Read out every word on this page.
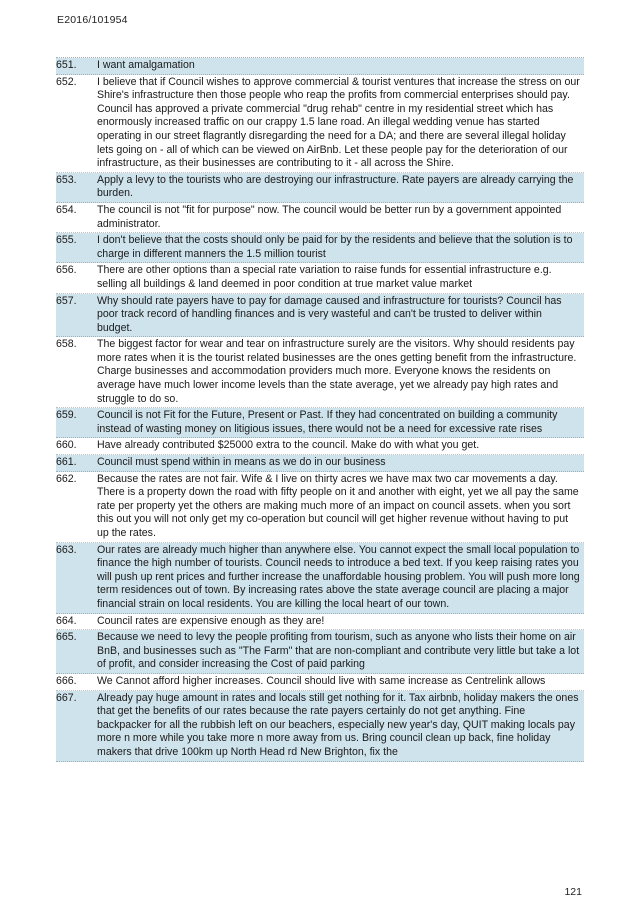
E2016/101954
651.	I want amalgamation
652.	I believe that if Council wishes to approve commercial & tourist ventures that increase the stress on our Shire's infrastructure then those people who reap the profits from commercial enterprises should pay. Council has approved a private commercial "drug rehab" centre in my residential street which has enormously increased traffic on our crappy 1.5 lane road. An illegal wedding venue has started operating in our street flagrantly disregarding the need for a DA; and there are several illegal holiday lets going on - all of which can be viewed on AirBnb. Let these people pay for the deterioration of our infrastructure, as their businesses are contributing to it - all across the Shire.
653.	Apply a levy to the tourists who are destroying our infrastructure. Rate payers are already carrying the burden.
654.	The council is not "fit for purpose" now. The council would be better run by a government appointed administrator.
655.	I don't believe that the costs should only be paid for by the residents and believe that the solution is to charge in different manners the 1.5 million tourist
656.	There are other options than a special rate variation to raise funds for essential infrastructure e.g. selling all buildings & land deemed in poor condition at true market value market
657.	Why should rate payers have to pay for damage caused and infrastructure for tourists? Council has poor track record of handling finances and is very wasteful and can't be trusted to deliver within budget.
658.	The biggest factor for wear and tear on infrastructure surely are the visitors. Why should residents pay more rates when it is the tourist related businesses are the ones getting benefit from the infrastructure. Charge businesses and accommodation providers much more. Everyone knows the residents on average have much lower income levels than the state average, yet we already pay high rates and struggle to do so.
659.	Council is not Fit for the Future, Present or Past. If they had concentrated on building a community instead of wasting money on litigious issues, there would not be a need for excessive rate rises
660.	Have already contributed $25000 extra to the council. Make do with what you get.
661.	Council must spend within in means as we do in our business
662.	Because the rates are not fair. Wife & I live on thirty acres we have max two car movements a day. There is a property down the road with fifty people on it and another with eight, yet we all pay the same rate per property yet the others are making much more of an impact on council assets. when you sort this out you will not only get my co-operation but council will get higher revenue without having to put up the rates.
663.	Our rates are already much higher than anywhere else. You cannot expect the small local population to finance the high number of tourists. Council needs to introduce a bed text. If you keep raising rates you will push up rent prices and further increase the unaffordable housing problem. You will push more long term residences out of town. By increasing rates above the state average council are placing a major financial strain on local residents. You are killing the local heart of our town.
664.	Council rates are expensive enough as they are!
665.	Because we need to levy the people profiting from tourism, such as anyone who lists their home on air BnB, and businesses such as "The Farm" that are non-compliant and contribute very little but take a lot of profit, and consider increasing the Cost of paid parking
666.	We Cannot afford higher increases. Council should live with same increase as Centrelink allows
667.	Already pay huge amount in rates and locals still get nothing for it. Tax airbnb, holiday makers the ones that get the benefits of our rates because the rate payers certainly do not get anything. Fine backpacker for all the rubbish left on our beachers, especially new year's day, QUIT making locals pay more n more while you take more n more away from us. Bring council clean up back, fine holiday makers that drive 100km up North Head rd New Brighton, fix the
121
